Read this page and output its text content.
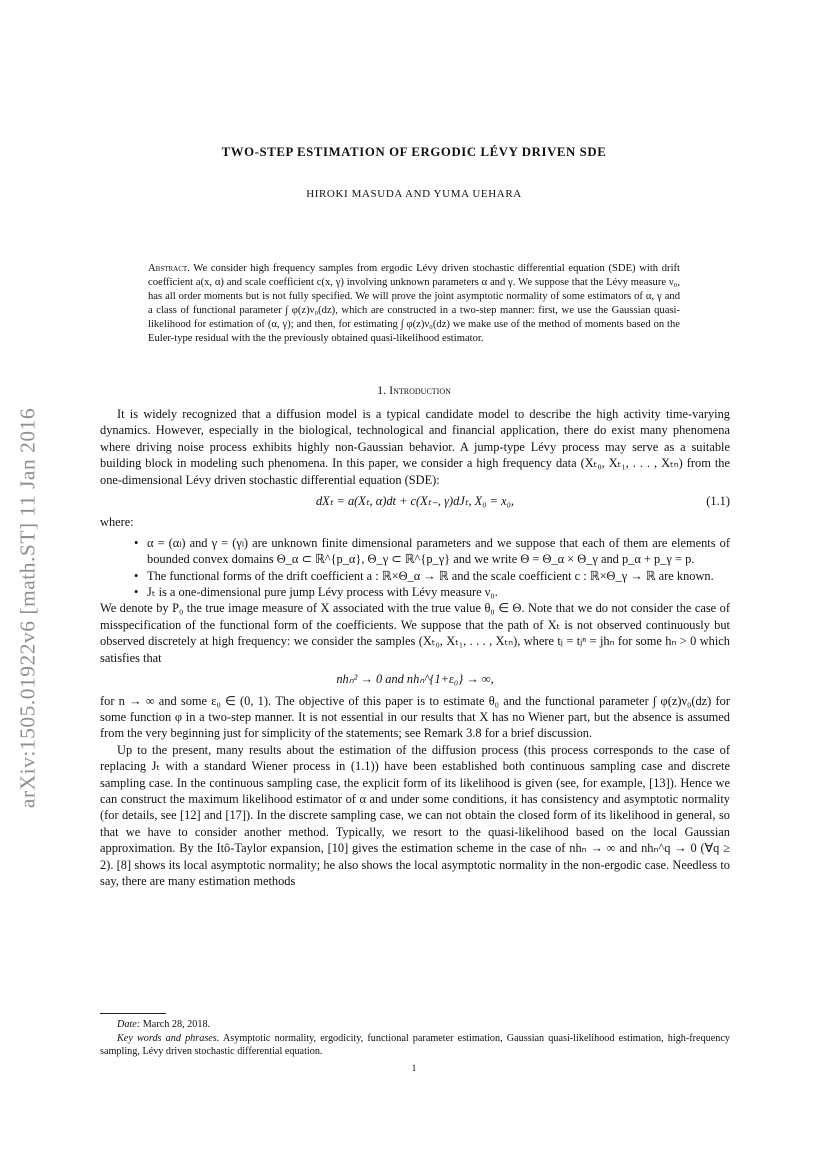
arXiv:1505.01922v6 [math.ST] 11 Jan 2016
TWO-STEP ESTIMATION OF ERGODIC LÉVY DRIVEN SDE
HIROKI MASUDA AND YUMA UEHARA
Abstract. We consider high frequency samples from ergodic Lévy driven stochastic differential equation (SDE) with drift coefficient a(x, α) and scale coefficient c(x, γ) involving unknown parameters α and γ. We suppose that the Lévy measure ν₀, has all order moments but is not fully specified. We will prove the joint asymptotic normality of some estimators of α, γ and a class of functional parameter ∫ φ(z)ν₀(dz), which are constructed in a two-step manner: first, we use the Gaussian quasi-likelihood for estimation of (α, γ); and then, for estimating ∫ φ(z)ν₀(dz) we make use of the method of moments based on the Euler-type residual with the the previously obtained quasi-likelihood estimator.
1. Introduction

It is widely recognized that a diffusion model is a typical candidate model to describe the high activity time-varying dynamics. However, especially in the biological, technological and financial application, there do exist many phenomena where driving noise process exhibits highly non-Gaussian behavior. A jump-type Lévy process may serve as a suitable building block in modeling such phenomena. In this paper, we consider a high frequency data (Xₜ₀, Xₜ₁, . . . , Xₜₙ) from the one-dimensional Lévy driven stochastic differential equation (SDE):

dXₜ = a(Xₜ, α)dt + c(Xₜ₋, γ)dJₜ, X₀ = x₀,	(1.1)

where:

• α = (αₗ) and γ = (γₗ) are unknown finite dimensional parameters and we suppose that each of them are elements of bounded convex domains Θ_α ⊂ ℝ^{p_α}, Θ_γ ⊂ ℝ^{p_γ} and we write Θ = Θ_α × Θ_γ and p_α + p_γ = p.
• The functional forms of the drift coefficient a : ℝ×Θ_α → ℝ and the scale coefficient c : ℝ×Θ_γ → ℝ are known.
• Jₜ is a one-dimensional pure jump Lévy process with Lévy measure ν₀.

We denote by P₀ the true image measure of X associated with the true value θ₀ ∈ Θ. Note that we do not consider the case of misspecification of the functional form of the coefficients. We suppose that the path of Xₜ is not observed continuously but observed discretely at high frequency: we consider the samples (Xₜ₀, Xₜ₁, . . . , Xₜₙ), where tⱼ = tⱼⁿ = jhₙ for some hₙ > 0 which satisfies that

nhₙ² → 0 and nhₙ^{1+ε₀} → ∞,

for n → ∞ and some ε₀ ∈ (0, 1). The objective of this paper is to estimate θ₀ and the functional parameter ∫ φ(z)ν₀(dz) for some function φ in a two-step manner. It is not essential in our results that X has no Wiener part, but the absence is assumed from the very beginning just for simplicity of the statements; see Remark 3.8 for a brief discussion.

Up to the present, many results about the estimation of the diffusion process (this process corresponds to the case of replacing Jₜ with a standard Wiener process in (1.1)) have been established both continuous sampling case and discrete sampling case. In the continuous sampling case, the explicit form of its likelihood is given (see, for example, [13]). Hence we can construct the maximum likelihood estimator of α and under some conditions, it has consistency and asymptotic normality (for details, see [12] and [17]). In the discrete sampling case, we can not obtain the closed form of its likelihood in general, so that we have to consider another method. Typically, we resort to the quasi-likelihood based on the local Gaussian approximation. By the Itô-Taylor expansion, [10] gives the estimation scheme in the case of nhₙ → ∞ and nhₙ^q → 0 (∀q ≥ 2). [8] shows its local asymptotic normality; he also shows the local asymptotic normality in the non-ergodic case. Needless to say, there are many estimation methods

Date: March 28, 2018.

Key words and phrases. Asymptotic normality, ergodicity, functional parameter estimation, Gaussian quasi-likelihood estimation, high-frequency sampling, Lévy driven stochastic differential equation.

1
